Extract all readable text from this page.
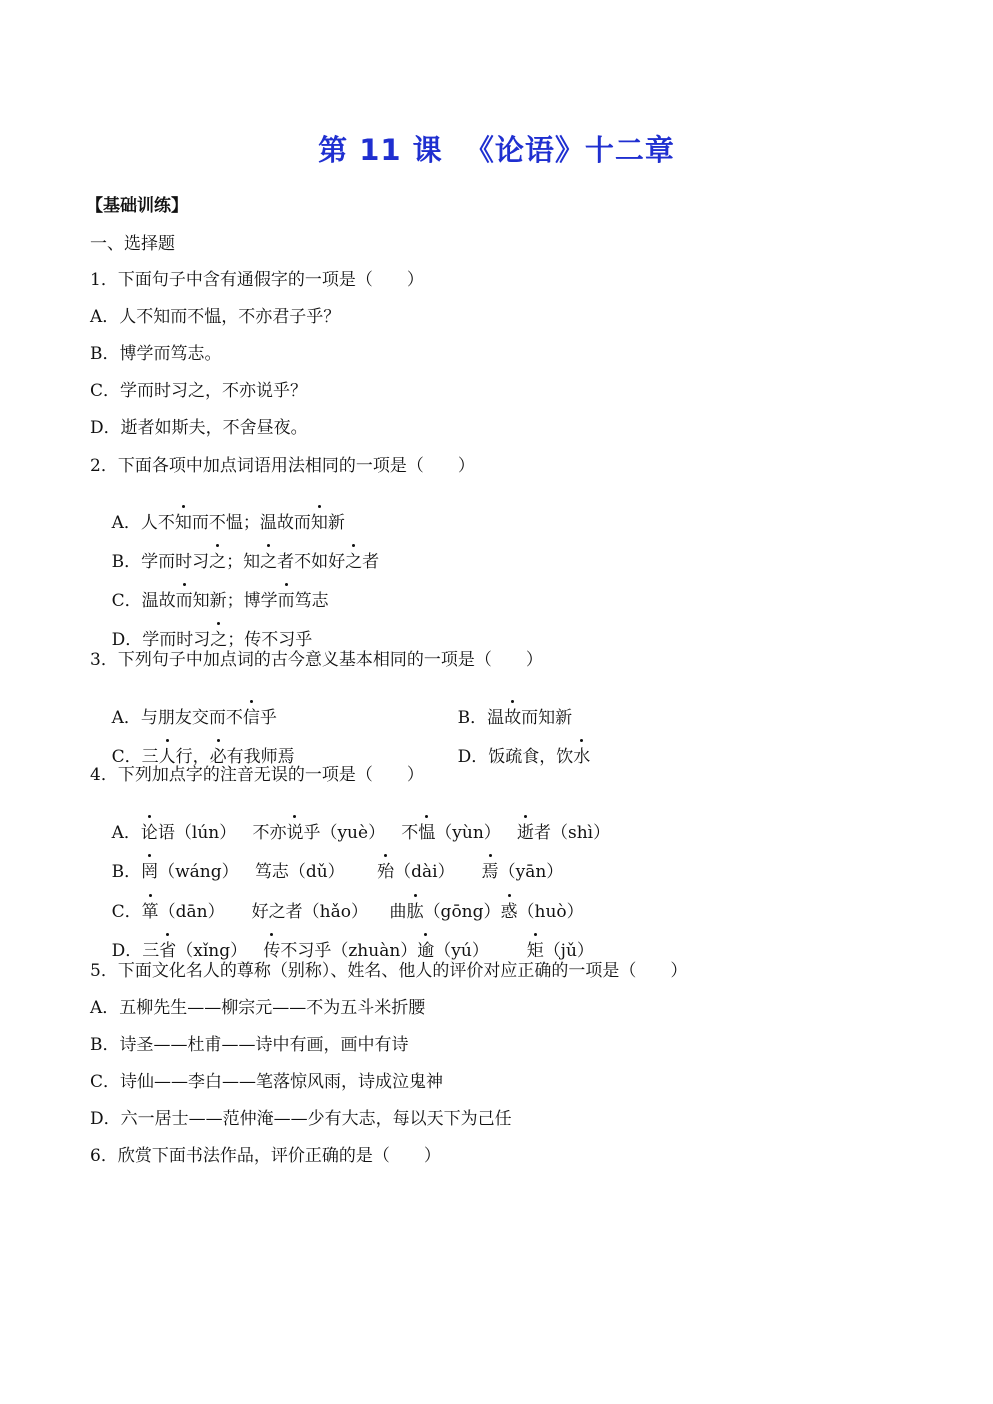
第 11 课  《论语》十二章
【基础训练】
一、选择题
1．下面句子中含有通假字的一项是（　　）
A．人不知而不愠，不亦君子乎？
B．博学而笃志。
C．学而时习之，不亦说乎？
D．逝者如斯夫，不舍昼夜。
2．下面各项中加点词语用法相同的一项是（　　）

A．人不知而不愠；温故而知新

B．学而时习之；知之者不如好之者

C．温故而知新；博学而笃志

D．学而时习之；传不习乎

3．下列句子中加点词的古今意义基本相同的一项是（　　）

A．与朋友交而不信乎
	B．温故而知新

C．三人行，必有我师焉
	D．饭疏食，饮水

4．下列加点字的注音无误的一项是（　　）

A．论语（lún）   不亦说乎（yuè）   不愠（yùn）   逝者（shì）

B．罔（wáng）   笃志（dǔ）      殆（dài）     焉（yān）

C．箪（dān）     好之者（hǎo）    曲肱（gōng）惑（huò）

D．三省（xǐng）   传不习乎（zhuàn）逾（yú）       矩（jǔ）

5．下面文化名人的尊称（别称）、姓名、他人的评价对应正确的一项是（　　）
A．五柳先生——柳宗元——不为五斗米折腰
B．诗圣——杜甫——诗中有画，画中有诗
C．诗仙——李白——笔落惊风雨，诗成泣鬼神
D．六一居士——范仲淹——少有大志，每以天下为己任
6．欣赏下面书法作品，评价正确的是（　　）
